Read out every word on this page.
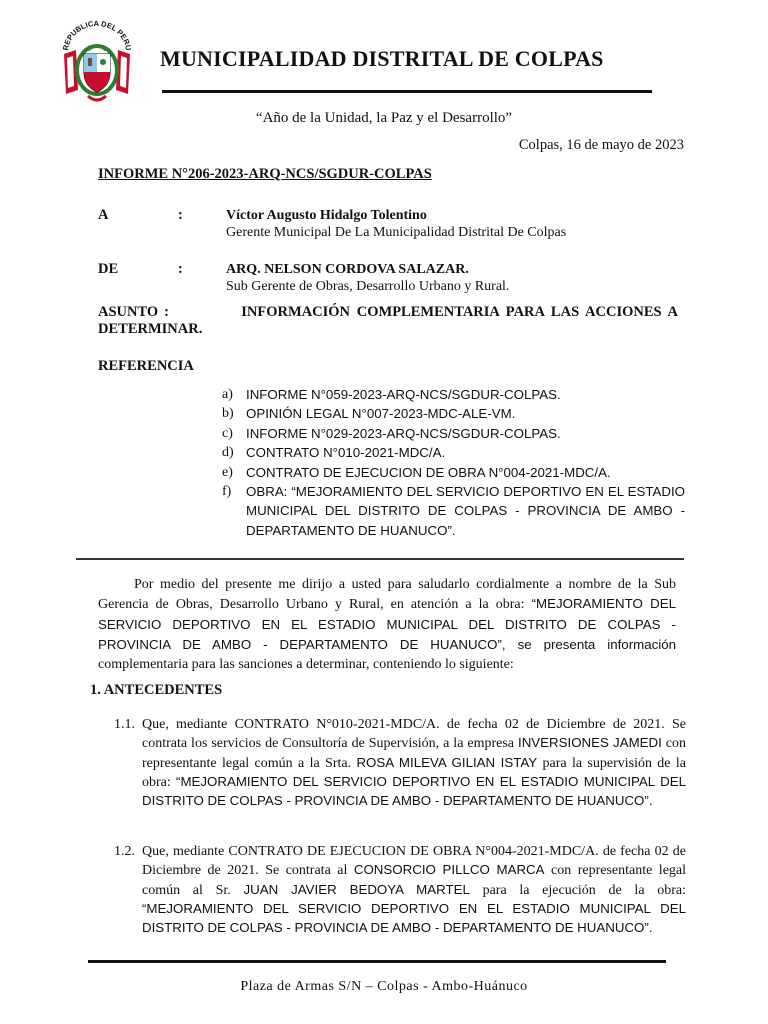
REPUBLICA DEL PERU MUNICIPALIDAD DISTRITAL DE COLPAS
“Año de la Unidad, la Paz y el Desarrollo”
Colpas, 16 de mayo de 2023
INFORME N°206-2023-ARQ-NCS/SGDUR-COLPAS
A	:	Víctor Augusto Hidalgo Tolentino
Gerente Municipal De La Municipalidad Distrital De Colpas
DE	:	ARQ. NELSON CORDOVA SALAZAR.
Sub Gerente de Obras, Desarrollo Urbano y Rural.
ASUNTO :	INFORMACIÓN COMPLEMENTARIA PARA LAS ACCIONES A DETERMINAR.
REFERENCIA
a) INFORME N°059-2023-ARQ-NCS/SGDUR-COLPAS.
b) OPINIÓN LEGAL N°007-2023-MDC-ALE-VM.
c) INFORME N°029-2023-ARQ-NCS/SGDUR-COLPAS.
d) CONTRATO N°010-2021-MDC/A.
e) CONTRATO DE EJECUCION DE OBRA N°004-2021-MDC/A.
f) OBRA: “MEJORAMIENTO DEL SERVICIO DEPORTIVO EN EL ESTADIO MUNICIPAL DEL DISTRITO DE COLPAS - PROVINCIA DE AMBO - DEPARTAMENTO DE HUANUCO”.
Por medio del presente me dirijo a usted para saludarlo cordialmente a nombre de la Sub Gerencia de Obras, Desarrollo Urbano y Rural, en atención a la obra: “MEJORAMIENTO DEL SERVICIO DEPORTIVO EN EL ESTADIO MUNICIPAL DEL DISTRITO DE COLPAS - PROVINCIA DE AMBO - DEPARTAMENTO DE HUANUCO”, se presenta información complementaria para las sanciones a determinar, conteniendo lo siguiente:
1. ANTECEDENTES
1.1. Que, mediante CONTRATO N°010-2021-MDC/A. de fecha 02 de Diciembre de 2021. Se contrata los servicios de Consultoría de Supervisión, a la empresa INVERSIONES JAMEDI con representante legal común a la Srta. ROSA MILEVA GILIAN ISTAY para la supervisión de la obra: “MEJORAMIENTO DEL SERVICIO DEPORTIVO EN EL ESTADIO MUNICIPAL DEL DISTRITO DE COLPAS - PROVINCIA DE AMBO - DEPARTAMENTO DE HUANUCO”.
1.2. Que, mediante CONTRATO DE EJECUCION DE OBRA N°004-2021-MDC/A. de fecha 02 de Diciembre de 2021. Se contrata al CONSORCIO PILLCO MARCA con representante legal común al Sr. JUAN JAVIER BEDOYA MARTEL para la ejecución de la obra: “MEJORAMIENTO DEL SERVICIO DEPORTIVO EN EL ESTADIO MUNICIPAL DEL DISTRITO DE COLPAS - PROVINCIA DE AMBO - DEPARTAMENTO DE HUANUCO”.
Plaza de Armas S/N – Colpas - Ambo-Huánuco
